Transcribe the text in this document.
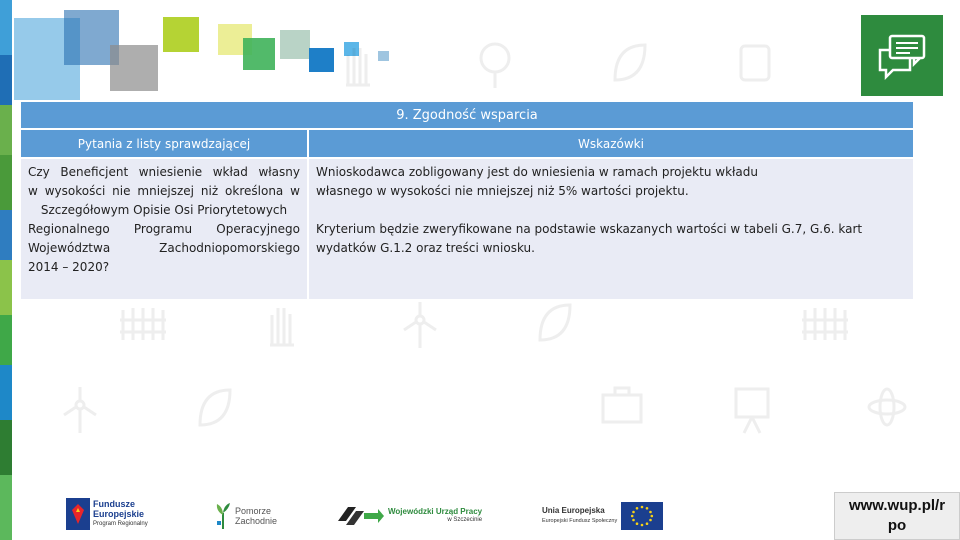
9. Zgodność wsparcia
Pytania z listy sprawdzającej	Wskazówki

Czy Beneficjent wniesienie wkład własny

w wysokości nie mniejszej niż określona w

Szczegółowym Opisie Osi Priorytetowych

Regionalnego Programu Operacyjnego

Województwa Zachodniopomorskiego

2014 – 2020?

Wnioskodawca zobligowany jest do wniesienia w ramach projektu wkładu

własnego w wysokości nie mniejszej niż 5% wartości projektu.

Kryterium będzie zweryfikowane na podstawie wskazanych wartości w tabeli G.7, G.6. kart

wydatków G.1.2 oraz treści wniosku.

Fundusze
Europejskie
Program Regionalny
Pomorze
Zachodnie
Wojewódzki Urząd Pracy
w Szczecinie
Unia Europejska
Europejski Fundusz Społeczny
www.wup.pl/r
po
